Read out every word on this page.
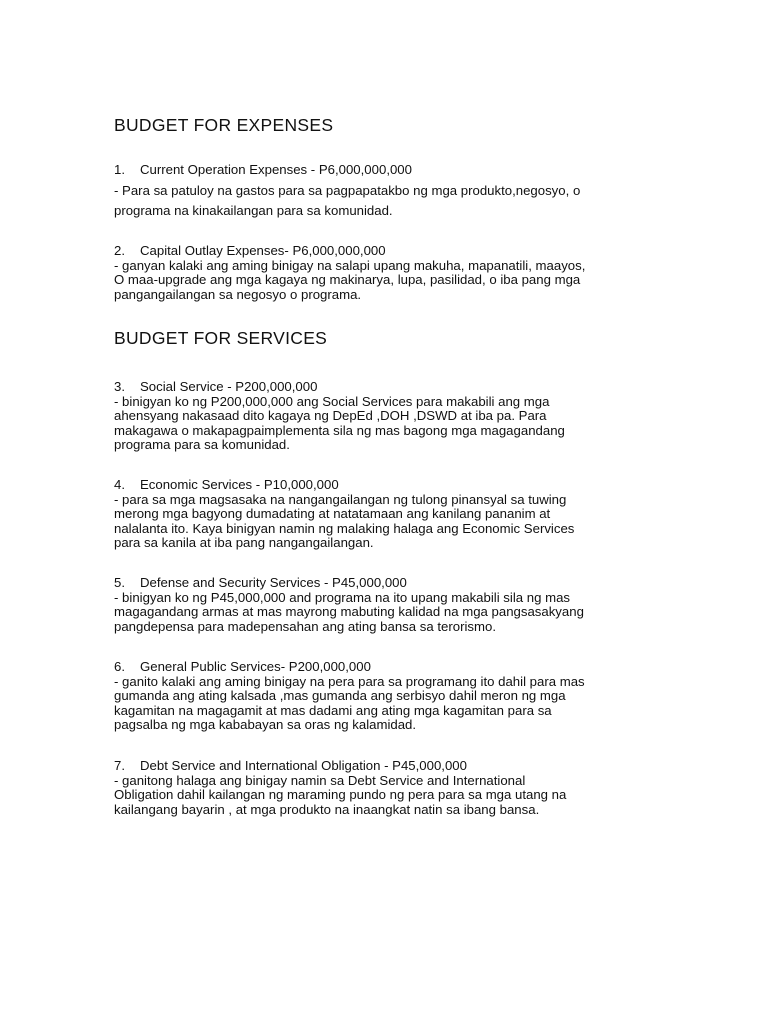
BUDGET FOR EXPENSES
1. Current Operation Expenses - P6,000,000,000
- Para sa patuloy na gastos para sa pagpapatakbo ng mga produkto,negosyo, o
programa na kinakailangan para sa komunidad.
2. Capital Outlay Expenses- P6,000,000,000
- ganyan kalaki ang aming binigay na salapi upang makuha, mapanatili, maayos,
O maa-upgrade ang mga kagaya ng makinarya, lupa, pasilidad, o iba pang mga
pangangailangan sa negosyo o programa.
BUDGET FOR SERVICES
3. Social Service - P200,000,000
- binigyan ko ng P200,000,000 ang Social Services para makabili ang mga
ahensyang nakasaad dito kagaya ng DepEd ,DOH ,DSWD at iba pa. Para
makagawa o makapagpaimplementa sila ng mas bagong mga magagandang
programa para sa komunidad.
4. Economic Services - P10,000,000
- para sa mga magsasaka na nangangailangan ng tulong pinansyal sa tuwing
merong mga bagyong dumadating at natatamaan ang kanilang pananim at
nalalanta ito. Kaya binigyan namin ng malaking halaga ang Economic Services
para sa kanila at iba pang nangangailangan.
5. Defense and Security Services - P45,000,000
- binigyan ko ng P45,000,000 and programa na ito upang makabili sila ng mas
magagandang armas at mas mayrong mabuting kalidad na mga pangsasakyang
pangdepensa para madepensahan ang ating bansa sa terorismo.
6. General Public Services- P200,000,000
- ganito kalaki ang aming binigay na pera para sa programang ito dahil para mas
gumanda ang ating kalsada ,mas gumanda ang serbisyo dahil meron ng mga
kagamitan na magagamit at mas dadami ang ating mga kagamitan para sa
pagsalba ng mga kababayan sa oras ng kalamidad.
7. Debt Service and International Obligation - P45,000,000
- ganitong halaga ang binigay namin sa Debt Service and International
Obligation dahil kailangan ng maraming pundo ng pera para sa mga utang na
kailangang bayarin , at mga produkto na inaangkat natin sa ibang bansa.
